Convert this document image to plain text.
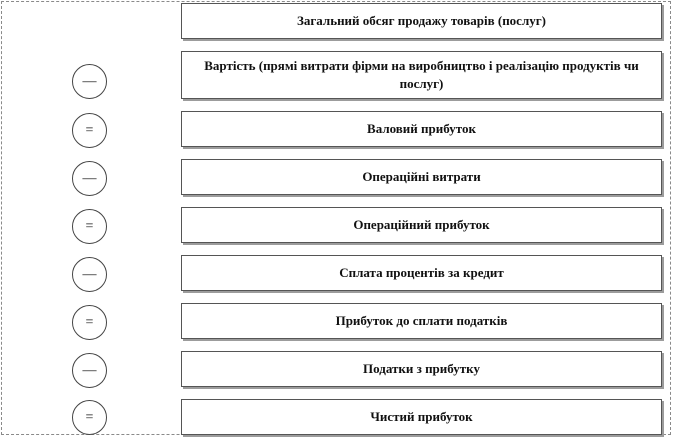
Загальний обсяг продажу товарів (послуг)
—
Вартість (прямі витрати фірми на виробництво і реалізацію продуктів чи послуг)
=	Валовий прибуток
—	Операційні витрати
=	Операційний прибуток
—	Сплата процентів за кредит
=	Прибуток до сплати податків
—	Податки з прибутку
=	Чистий прибуток
